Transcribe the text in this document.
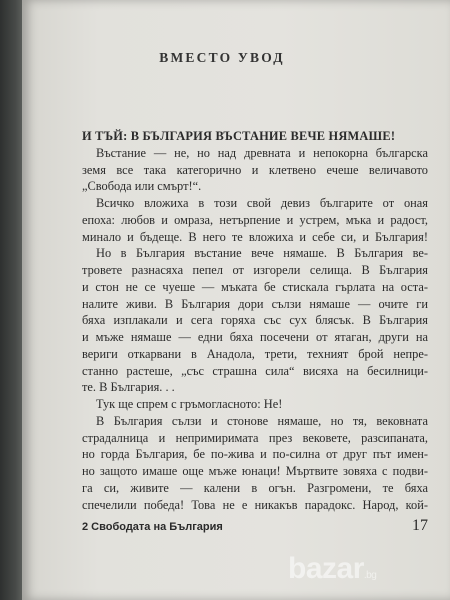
ВМЕСТО УВОД
И ТЪЙ: В БЪЛГАРИЯ ВЪСТАНИЕ ВЕЧЕ НЯМАШЕ!
Въстание — не, но над древната и непокорна българска
земя все така категорично и клетвено ечеше величавото
„Свобода или смърт!“.
Всичко вложиха в този свой девиз българите от оная
епоха: любов и омраза, нетърпение и устрем, мъка и радост,
минало и бъдеще. В него те вложиха и себе си, и България!
Но в България въстание вече нямаше. В България ве-
тровете разнасяха пепел от изгорели селища. В България
и стон не се чуеше — мъката бе стискала гърлата на оста-
налите живи. В България дори сълзи нямаше — очите ги
бяха изплакали и сега горяха със сух блясък. В България
и мъже нямаше — едни бяха посечени от ятаган, други на
вериги откарвани в Анадола, трети, техният брой непре-
станно растеше, „със страшна сила“ висяха на бесилници-
те. В България. . .
Тук ще спрем с гръмогласното: Не!
В България сълзи и стонове нямаше, но тя, вековната
страдалница и непримиримата през вековете, разсипаната,
но горда България, бе по-жива и по-силна от друг път имен-
но защото имаше още мъже юнаци! Мъртвите зовяха с подви-
га си, живите — калени в огън. Разгромени, те бяха
спечелили победа! Това не е никакъв парадокс. Народ, кой-
2 Свободата на България	17
bazar.bg
